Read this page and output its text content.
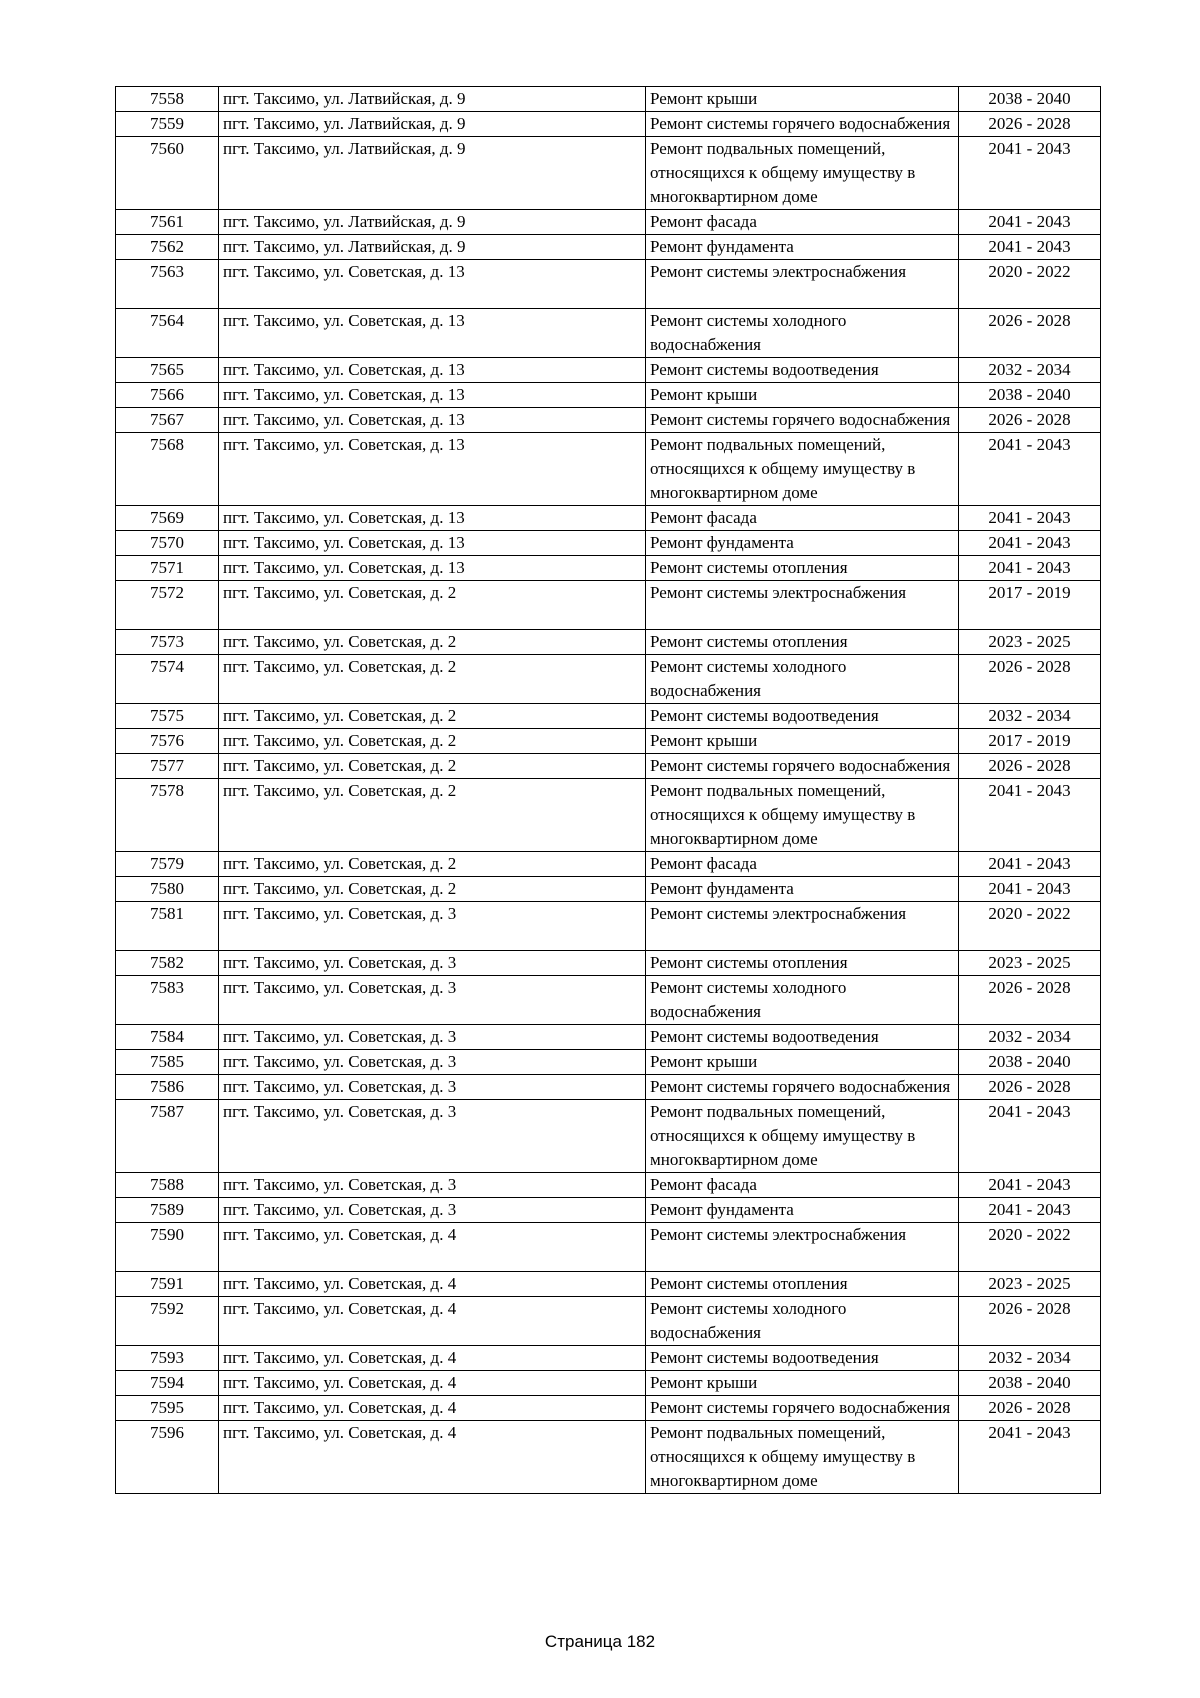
7558	пгт. Таксимо, ул. Латвийская, д. 9	Ремонт крыши	2038 - 2040
7559	пгт. Таксимо, ул. Латвийская, д. 9	Ремонт системы горячего водоснабжения	2026 - 2028
7560	пгт. Таксимо, ул. Латвийская, д. 9	Ремонт подвальных помещений, относящихся к общему имуществу в многоквартирном доме	2041 - 2043
7561	пгт. Таксимо, ул. Латвийская, д. 9	Ремонт фасада	2041 - 2043
7562	пгт. Таксимо, ул. Латвийская, д. 9	Ремонт фундамента	2041 - 2043
7563	пгт. Таксимо, ул. Советская, д. 13	Ремонт системы электроснабжения	2020 - 2022
7564	пгт. Таксимо, ул. Советская, д. 13	Ремонт системы холодного водоснабжения	2026 - 2028
7565	пгт. Таксимо, ул. Советская, д. 13	Ремонт системы водоотведения	2032 - 2034
7566	пгт. Таксимо, ул. Советская, д. 13	Ремонт крыши	2038 - 2040
7567	пгт. Таксимо, ул. Советская, д. 13	Ремонт системы горячего водоснабжения	2026 - 2028
7568	пгт. Таксимо, ул. Советская, д. 13	Ремонт подвальных помещений, относящихся к общему имуществу в многоквартирном доме	2041 - 2043
7569	пгт. Таксимо, ул. Советская, д. 13	Ремонт фасада	2041 - 2043
7570	пгт. Таксимо, ул. Советская, д. 13	Ремонт фундамента	2041 - 2043
7571	пгт. Таксимо, ул. Советская, д. 13	Ремонт системы отопления	2041 - 2043
7572	пгт. Таксимо, ул. Советская, д. 2	Ремонт системы электроснабжения	2017 - 2019
7573	пгт. Таксимо, ул. Советская, д. 2	Ремонт системы отопления	2023 - 2025
7574	пгт. Таксимо, ул. Советская, д. 2	Ремонт системы холодного водоснабжения	2026 - 2028
7575	пгт. Таксимо, ул. Советская, д. 2	Ремонт системы водоотведения	2032 - 2034
7576	пгт. Таксимо, ул. Советская, д. 2	Ремонт крыши	2017 - 2019
7577	пгт. Таксимо, ул. Советская, д. 2	Ремонт системы горячего водоснабжения	2026 - 2028
7578	пгт. Таксимо, ул. Советская, д. 2	Ремонт подвальных помещений, относящихся к общему имуществу в многоквартирном доме	2041 - 2043
7579	пгт. Таксимо, ул. Советская, д. 2	Ремонт фасада	2041 - 2043
7580	пгт. Таксимо, ул. Советская, д. 2	Ремонт фундамента	2041 - 2043
7581	пгт. Таксимо, ул. Советская, д. 3	Ремонт системы электроснабжения	2020 - 2022
7582	пгт. Таксимо, ул. Советская, д. 3	Ремонт системы отопления	2023 - 2025
7583	пгт. Таксимо, ул. Советская, д. 3	Ремонт системы холодного водоснабжения	2026 - 2028
7584	пгт. Таксимо, ул. Советская, д. 3	Ремонт системы водоотведения	2032 - 2034
7585	пгт. Таксимо, ул. Советская, д. 3	Ремонт крыши	2038 - 2040
7586	пгт. Таксимо, ул. Советская, д. 3	Ремонт системы горячего водоснабжения	2026 - 2028
7587	пгт. Таксимо, ул. Советская, д. 3	Ремонт подвальных помещений, относящихся к общему имуществу в многоквартирном доме	2041 - 2043
7588	пгт. Таксимо, ул. Советская, д. 3	Ремонт фасада	2041 - 2043
7589	пгт. Таксимо, ул. Советская, д. 3	Ремонт фундамента	2041 - 2043
7590	пгт. Таксимо, ул. Советская, д. 4	Ремонт системы электроснабжения	2020 - 2022
7591	пгт. Таксимо, ул. Советская, д. 4	Ремонт системы отопления	2023 - 2025
7592	пгт. Таксимо, ул. Советская, д. 4	Ремонт системы холодного водоснабжения	2026 - 2028
7593	пгт. Таксимо, ул. Советская, д. 4	Ремонт системы водоотведения	2032 - 2034
7594	пгт. Таксимо, ул. Советская, д. 4	Ремонт крыши	2038 - 2040
7595	пгт. Таксимо, ул. Советская, д. 4	Ремонт системы горячего водоснабжения	2026 - 2028
7596	пгт. Таксимо, ул. Советская, д. 4	Ремонт подвальных помещений, относящихся к общему имуществу в многоквартирном доме	2041 - 2043
Страница 182
